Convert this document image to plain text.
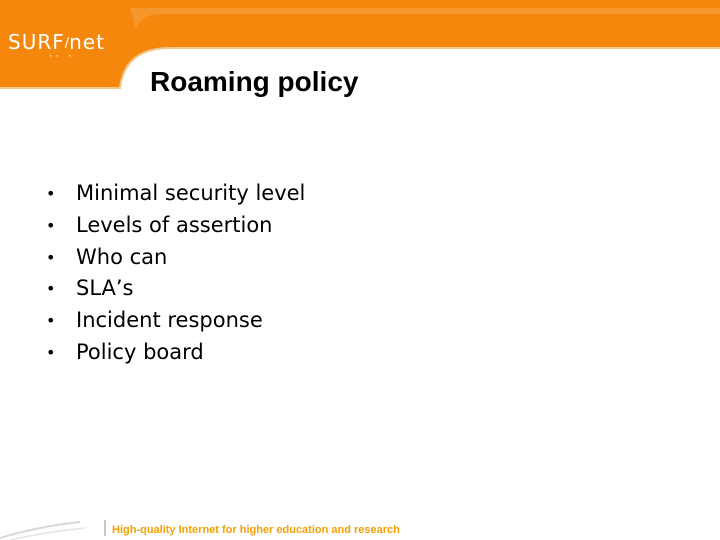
SURF/net
·· ·
Roaming policy
• Minimal security level
• Levels of assertion
• Who can
• SLA’s
• Incident response
• Policy board
High-quality Internet for higher education and research
